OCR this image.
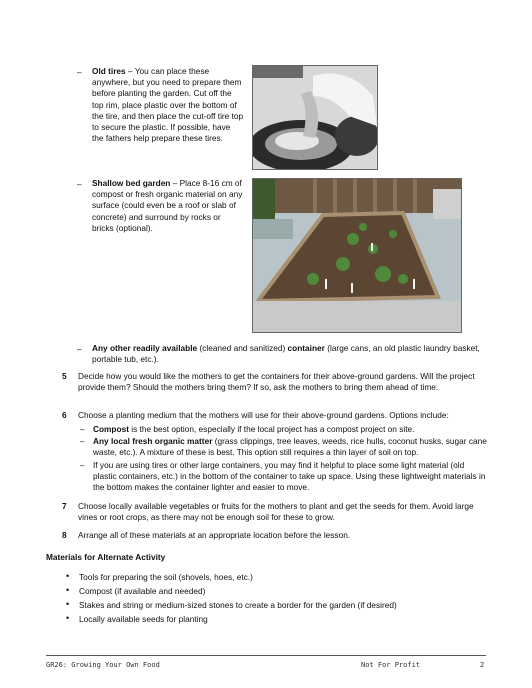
–	Old tires – You can place these anywhere, but you need to prepare them before planting the garden. Cut off the top rim, place plastic over the bottom of the tire, and then place the cut-off tire top to secure the plastic. If possible, have the fathers help prepare these tires.
–	Shallow bed garden – Place 8-16 cm of compost or fresh organic material on any surface (could even be a roof or slab of concrete) and surround by rocks or bricks (optional).
–	Any other readily available (cleaned and sanitized) container (large cans, an old plastic laundry basket, portable tub, etc.).
5 Decide how you would like the mothers to get the containers for their above-ground gardens. Will the project provide them? Should the mothers bring them? If so, ask the mothers to bring them ahead of time.
6 Choose a planting medium that the mothers will use for their above-ground gardens. Options include:
– Compost is the best option, especially if the local project has a compost project on site.
– Any local fresh organic matter (grass clippings, tree leaves, weeds, rice hulls, coconut husks, sugar cane waste, etc.). A mixture of these is best. This option still requires a thin layer of soil on top.
– If you are using tires or other large containers, you may find it helpful to place some light material (old plastic containers, etc.) in the bottom of the container to take up space. Using these lightweight materials in the bottom makes the container lighter and easier to move.
7 Choose locally available vegetables or fruits for the mothers to plant and get the seeds for them. Avoid large vines or root crops, as there may not be enough soil for these to grow.
8 Arrange all of these materials at an appropriate location before the lesson.
Materials for Alternate Activity
• Tools for preparing the soil (shovels, hoes, etc.)
• Compost (if available and needed)
• Stakes and string or medium-sized stones to create a border for the garden (if desired)
• Locally available seeds for planting
GR26: Growing Your Own Food	Not For Profit	2
